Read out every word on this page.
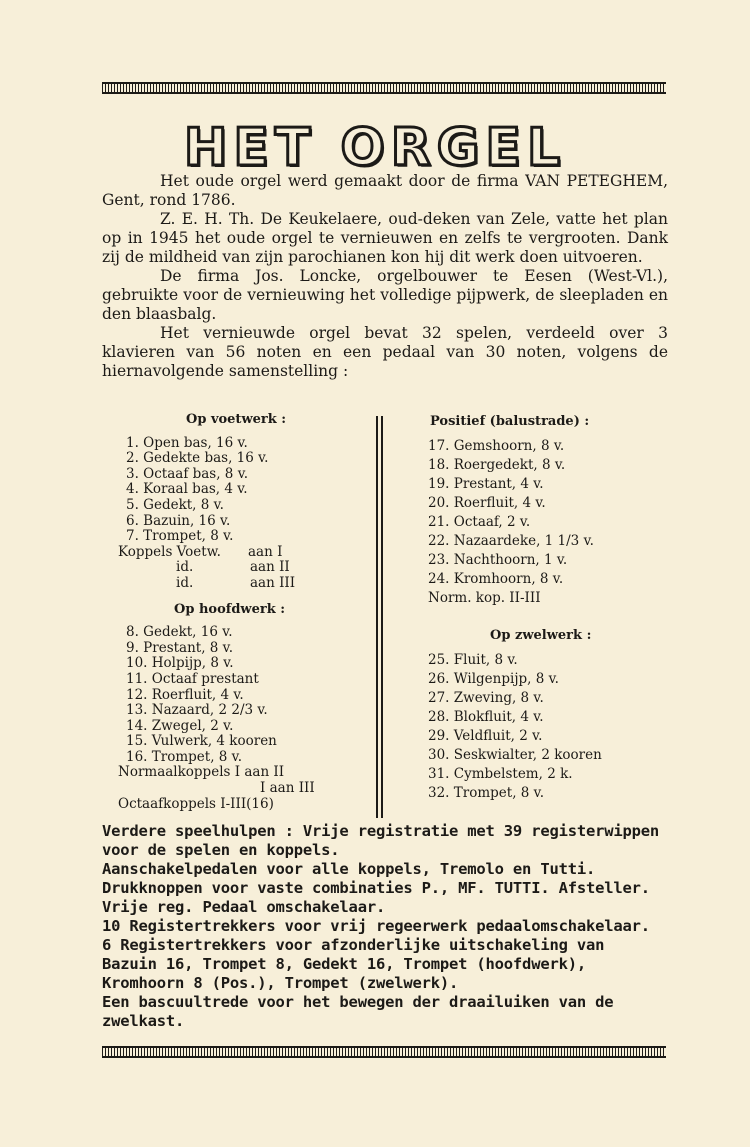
HET ORGEL

Het oude orgel werd gemaakt door de firma VAN PETEGHEM, Gent, rond 1786.

Z. E. H. Th. De Keukelaere, oud-deken van Zele, vatte het plan op in 1945 het oude orgel te vernieuwen en zelfs te vergrooten. Dank zij de mildheid van zijn parochianen kon hij dit werk doen uitvoeren.

De firma Jos. Loncke, orgelbouwer te Eesen (West-Vl.), gebruikte voor de vernieuwing het volledige pijpwerk, de sleepladen en den blaasbalg.

Het vernieuwde orgel bevat 32 spelen, verdeeld over 3 klavieren van 56 noten en een pedaal van 30 noten, volgens de hiernavolgende samenstelling :

Op voetwerk :
1. Open bas, 16 v.
2. Gedekte bas, 16 v.
3. Octaaf bas, 8 v.
4. Koraal bas, 4 v.
5. Gedekt, 8 v.
6. Bazuin, 16 v.
7. Trompet, 8 v.
Koppels Voetw.	aan I
id.	aan II
id.	aan III
Op hoofdwerk :
8. Gedekt, 16 v.
9. Prestant, 8 v.
10. Holpijp, 8 v.
11. Octaaf prestant
12. Roerfluit, 4 v.
13. Nazaard, 2 2/3 v.
14. Zwegel, 2 v.
15. Vulwerk, 4 kooren
16. Trompet, 8 v.
Normaalkoppels I aan II
I aan III
Octaafkoppels I-III(16)
Positief (balustrade) :
17. Gemshoorn, 8 v.
18. Roergedekt, 8 v.
19. Prestant, 4 v.
20. Roerfluit, 4 v.
21. Octaaf, 2 v.
22. Nazaardeke, 1 1/3 v.
23. Nachthoorn, 1 v.
24. Kromhoorn, 8 v.
Norm. kop. II-III
Op zwelwerk :
25. Fluit, 8 v.
26. Wilgenpijp, 8 v.
27. Zweving, 8 v.
28. Blokfluit, 4 v.
29. Veldfluit, 2 v.
30. Seskwialter, 2 kooren
31. Cymbelstem, 2 k.
32. Trompet, 8 v.

Verdere speelhulpen : Vrije registratie met 39 registerwippen voor de spelen en koppels.

Aanschakelpedalen voor alle koppels, Tremolo en Tutti.

Drukknoppen voor vaste combinaties P., MF. TUTTI. Afsteller. Vrije reg. Pedaal omschakelaar.

10 Registertrekkers voor vrij regeerwerk pedaalomschakelaar.

6 Registertrekkers voor afzonderlijke uitschakeling van Bazuin 16, Trompet 8, Gedekt 16, Trompet (hoofdwerk), Kromhoorn 8 (Pos.), Trompet (zwelwerk).

Een bascuultrede voor het bewegen der draailuiken van de zwelkast.
